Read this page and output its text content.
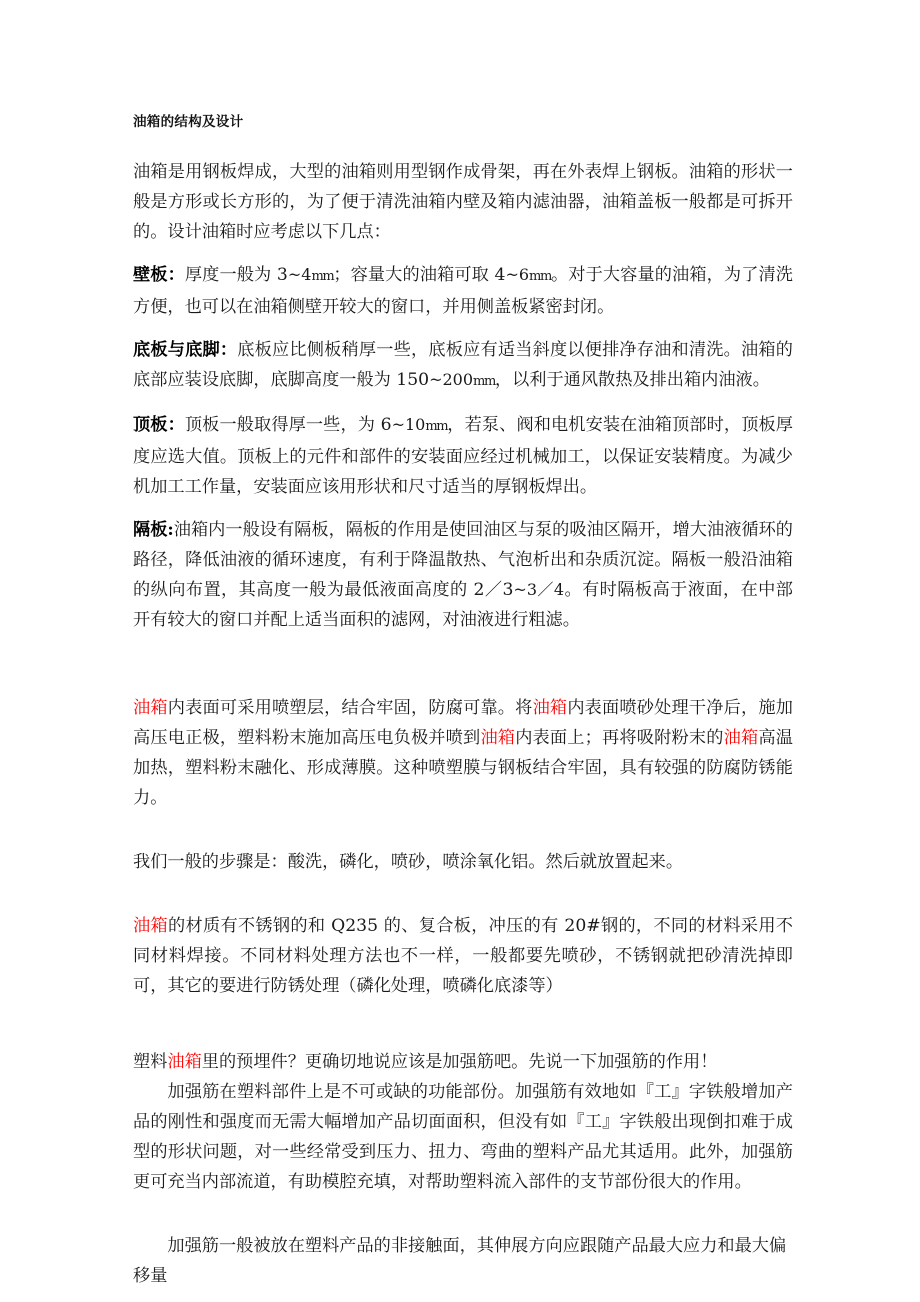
油箱的结构及设计

油箱是用钢板焊成，大型的油箱则用型钢作成骨架，再在外表焊上钢板。油箱的形状一般是方形或长方形的，为了便于清洗油箱内壁及箱内滤油器，油箱盖板一般都是可拆开的。设计油箱时应考虑以下几点：

壁板：厚度一般为 3~4mm；容量大的油箱可取 4~6mm。对于大容量的油箱，为了清洗方便，也可以在油箱侧壁开较大的窗口，并用侧盖板紧密封闭。

底板与底脚：底板应比侧板稍厚一些，底板应有适当斜度以便排净存油和清洗。油箱的底部应装设底脚，底脚高度一般为 150~200mm，以利于通风散热及排出箱内油液。

顶板：顶板一般取得厚一些，为 6~10mm，若泵、阀和电机安装在油箱顶部时，顶板厚度应选大值。顶板上的元件和部件的安装面应经过机械加工，以保证安装精度。为减少机加工工作量，安装面应该用形状和尺寸适当的厚钢板焊出。

隔板:油箱内一般设有隔板，隔板的作用是使回油区与泵的吸油区隔开，增大油液循环的路径，降低油液的循环速度，有利于降温散热、气泡析出和杂质沉淀。隔板一般沿油箱的纵向布置，其高度一般为最低液面高度的 2／3~3／4。有时隔板高于液面，在中部开有较大的窗口并配上适当面积的滤网，对油液进行粗滤。

油箱内表面可采用喷塑层，结合牢固，防腐可靠。将油箱内表面喷砂处理干净后，施加高压电正极，塑料粉末施加高压电负极并喷到油箱内表面上；再将吸附粉末的油箱高温加热，塑料粉末融化、形成薄膜。这种喷塑膜与钢板结合牢固，具有较强的防腐防锈能力。

我们一般的步骤是：酸洗，磷化，喷砂，喷涂氧化铝。然后就放置起来。

油箱的材质有不锈钢的和 Q235 的、复合板，冲压的有 20#钢的，不同的材料采用不同材料焊接。不同材料处理方法也不一样，一般都要先喷砂，不锈钢就把砂清洗掉即可，其它的要进行防锈处理（磷化处理，喷磷化底漆等）

塑料油箱里的预埋件？更确切地说应该是加强筋吧。先说一下加强筋的作用！

加强筋在塑料部件上是不可或缺的功能部份。加强筋有效地如『工』字铁般增加产品的刚性和强度而无需大幅增加产品切面面积，但没有如『工』字铁般出现倒扣难于成型的形状问题，对一些经常受到压力、扭力、弯曲的塑料产品尤其适用。此外，加强筋更可充当内部流道，有助模腔充填，对帮助塑料流入部件的支节部份很大的作用。

加强筋一般被放在塑料产品的非接触面，其伸展方向应跟随产品最大应力和最大偏移量
